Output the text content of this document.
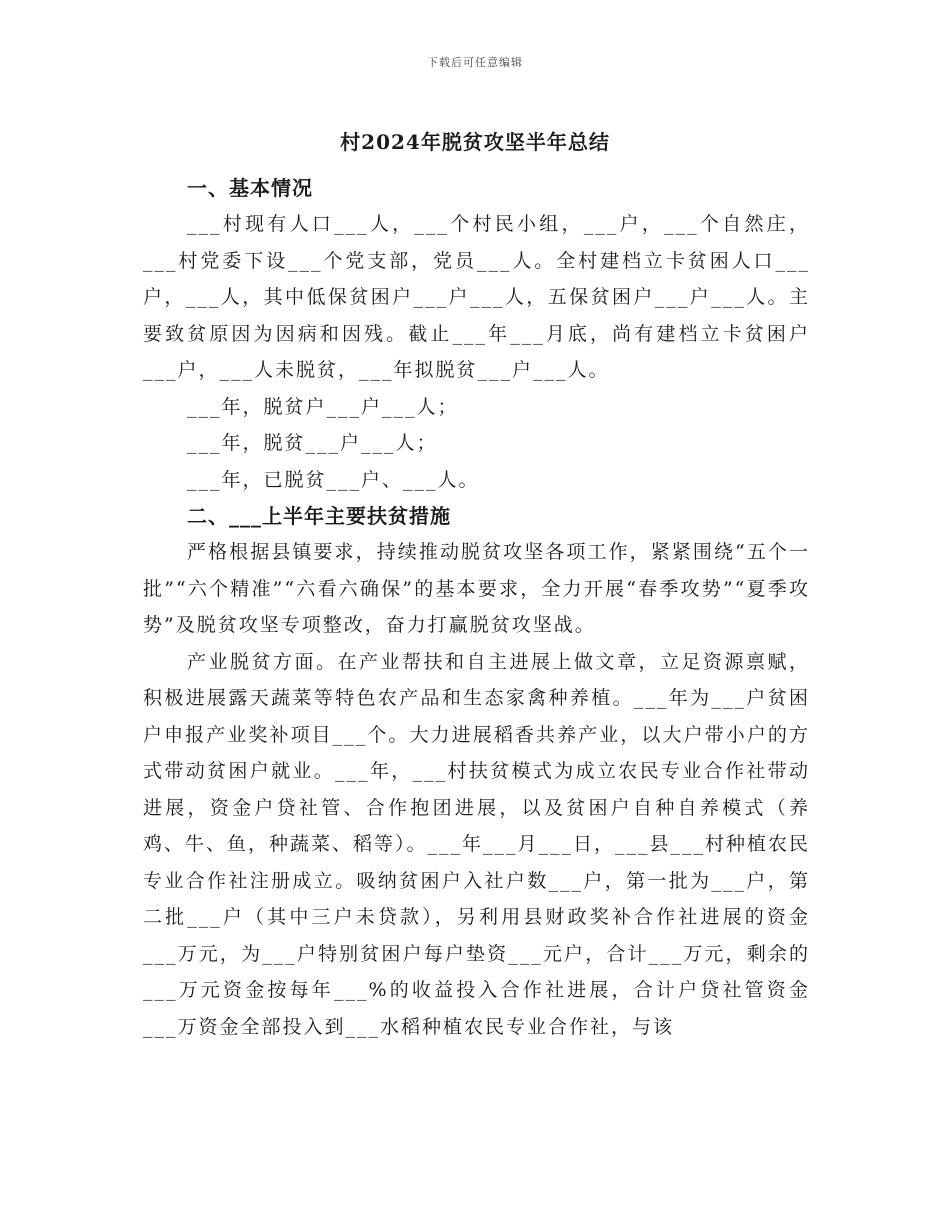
下载后可任意编辑
村2024年脱贫攻坚半年总结

一、基本情况

___村现有人口___人，___个村民小组，___户，___个自然庄，___村党委下设___个党支部，党员___人。全村建档立卡贫困人口___户，___人，其中低保贫困户___户___人，五保贫困户___户___人。主要致贫原因为因病和因残。截止___年___月底，尚有建档立卡贫困户___户，___人未脱贫，___年拟脱贫___户___人。

___年，脱贫户___户___人；

___年，脱贫___户___人；

___年，已脱贫___户、___人。

二、___上半年主要扶贫措施

严格根据县镇要求，持续推动脱贫攻坚各项工作，紧紧围绕“五个一批”“六个精准”“六看六确保”的基本要求，全力开展“春季攻势”“夏季攻势”及脱贫攻坚专项整改，奋力打赢脱贫攻坚战。

产业脱贫方面。在产业帮扶和自主进展上做文章，立足资源禀赋，积极进展露天蔬菜等特色农产品和生态家禽种养植。___年为___户贫困户申报产业奖补项目___个。大力进展稻香共养产业，以大户带小户的方式带动贫困户就业。___年，___村扶贫模式为成立农民专业合作社带动进展，资金户贷社管、合作抱团进展，以及贫困户自种自养模式（养鸡、牛、鱼，种蔬菜、稻等）。___年___月___日，___县___村种植农民专业合作社注册成立。吸纳贫困户入社户数___户，第一批为___户，第二批___户（其中三户未贷款），另利用县财政奖补合作社进展的资金___万元，为___户特别贫困户每户垫资___元户，合计___万元，剩余的___万元资金按每年___%的收益投入合作社进展，合计户贷社管资金___万资金全部投入到___水稻种植农民专业合作社，与该
